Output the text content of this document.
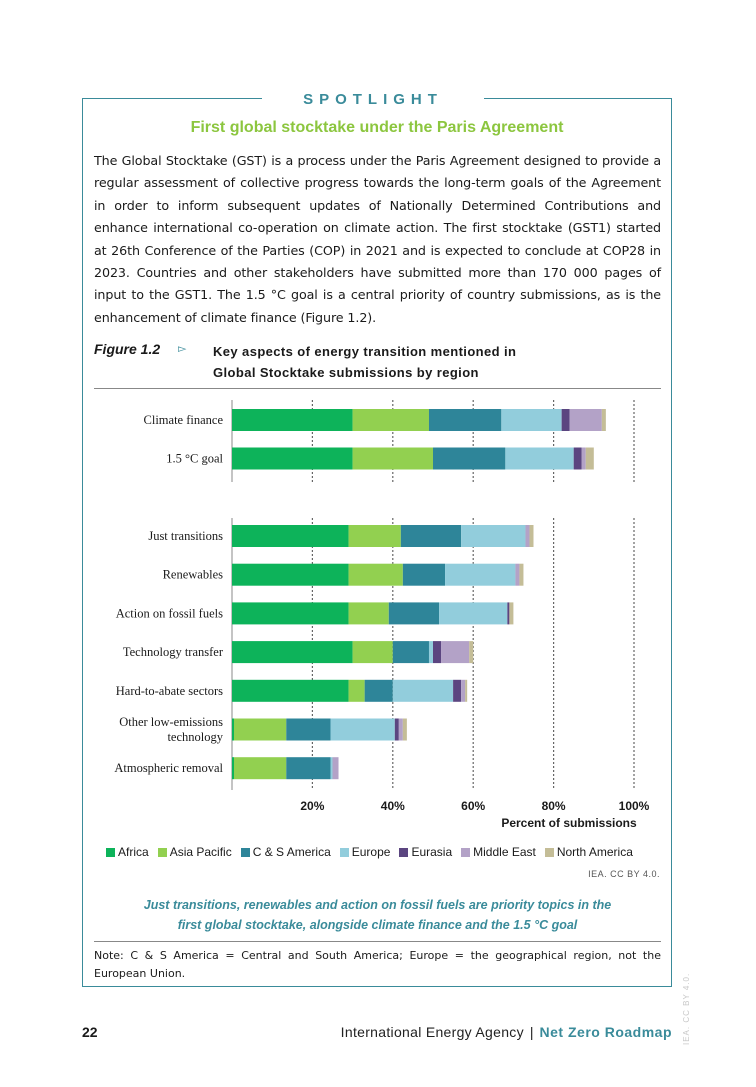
SPOTLIGHT
First global stocktake under the Paris Agreement
The Global Stocktake (GST) is a process under the Paris Agreement designed to provide a regular assessment of collective progress towards the long-term goals of the Agreement in order to inform subsequent updates of Nationally Determined Contributions and enhance international co-operation on climate action. The first stocktake (GST1) started at 26th Conference of the Parties (COP) in 2021 and is expected to conclude at COP28 in 2023. Countries and other stakeholders have submitted more than 170 000 pages of input to the GST1. The 1.5 °C goal is a central priority of country submissions, as is the enhancement of climate finance (Figure 1.2).
Figure 1.2 ▻ Key aspects of energy transition mentioned in
Global Stocktake submissions by region
Climate finance
1.5 °C goal
Just transitions
Renewables
Action on fossil fuels
Technology transfer
Hard-to-abate sectors
Other low-emissions
technology
Atmospheric removal
20%	40%	60%	80%	100%
Percent of submissions
Africa Asia Pacific C & S America Europe Eurasia Middle East North America
IEA. CC BY 4.0.
Just transitions, renewables and action on fossil fuels are priority topics in the
first global stocktake, alongside climate finance and the 1.5 °C goal
Note: C & S America = Central and South America; Europe = the geographical region, not the European Union.
22	International Energy Agency | Net Zero Roadmap IEA. CC BY 4.0.
